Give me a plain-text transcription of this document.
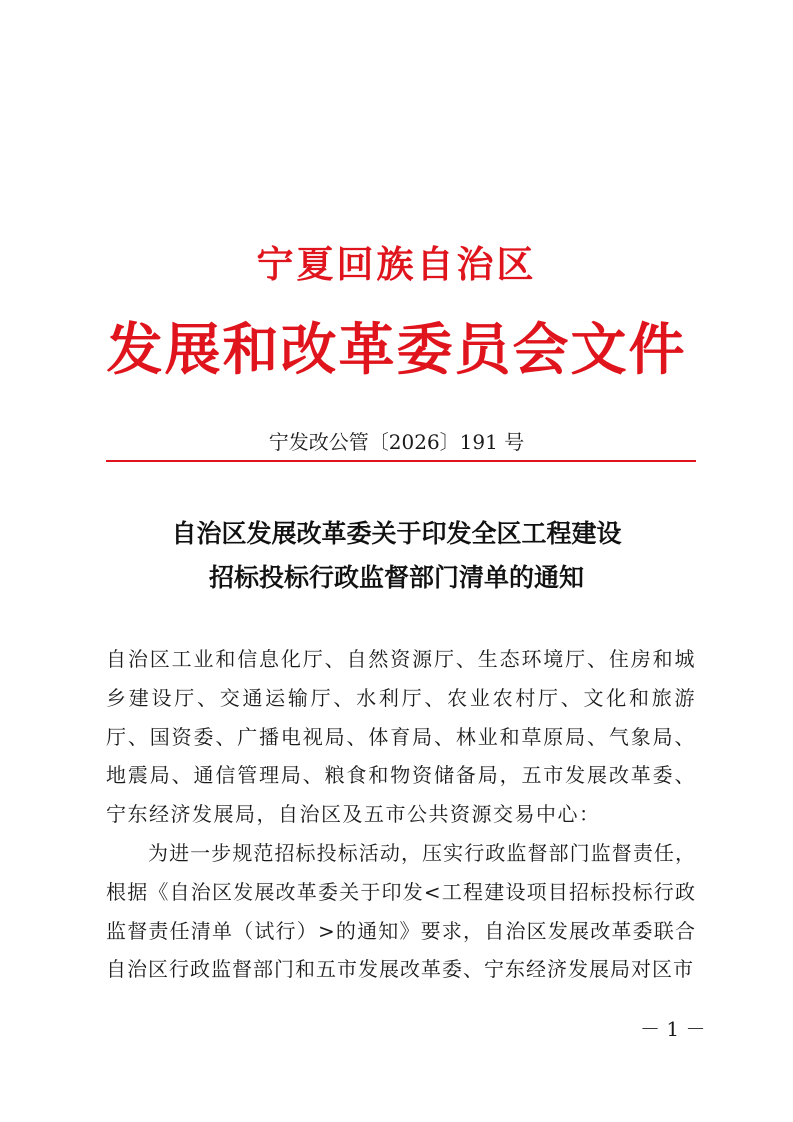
宁夏回族自治区
发展和改革委员会文件
宁发改公管〔2026〕191 号
自治区发展改革委关于印发全区工程建设
招标投标行政监督部门清单的通知

自治区工业和信息化厅、自然资源厅、生态环境厅、住房和城乡建设厅、交通运输厅、水利厅、农业农村厅、文化和旅游厅、国资委、广播电视局、体育局、林业和草原局、气象局、地震局、通信管理局、粮食和物资储备局，五市发展改革委、宁东经济发展局，自治区及五市公共资源交易中心：

为进一步规范招标投标活动，压实行政监督部门监督责任，根据《自治区发展改革委关于印发<工程建设项目招标投标行政监督责任清单（试行）>的通知》要求，自治区发展改革委联合自治区行政监督部门和五市发展改革委、宁东经济发展局对区市

－ 1 －
